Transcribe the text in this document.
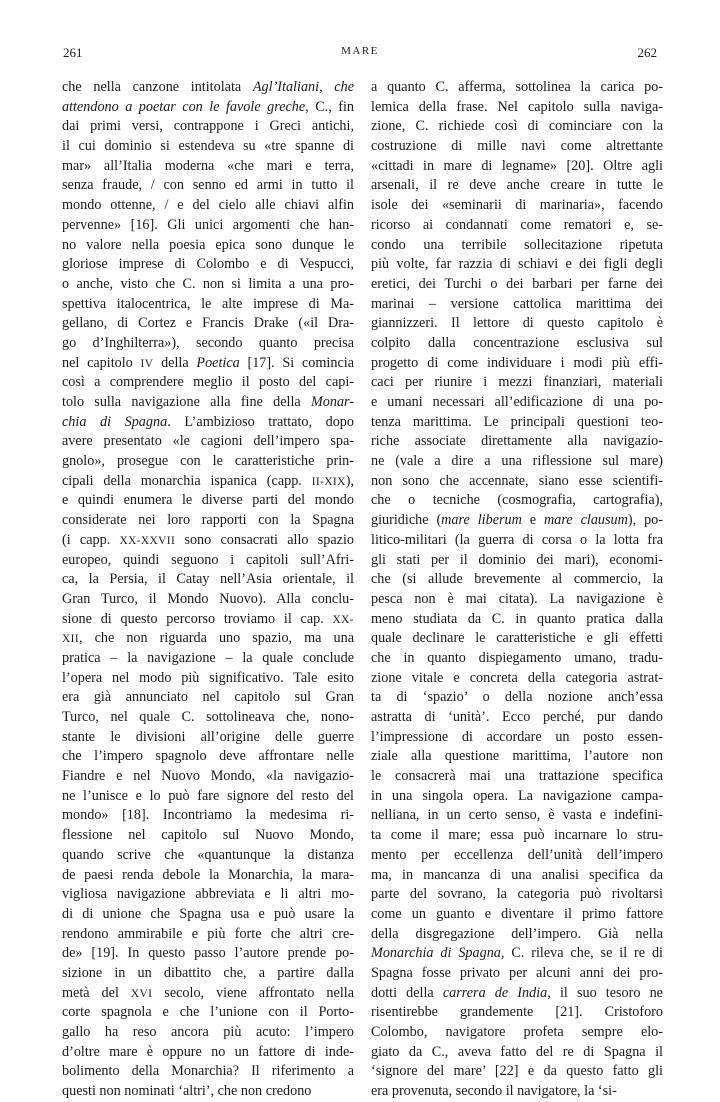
261	MARE	262
che nella canzone intitolata Agl’Italiani, che
attendono a poetar con le favole greche, C., fin
dai primi versi, contrappone i Greci antichi,
il cui dominio si estendeva su «tre spanne di
mar» all’Italia moderna «che mari e terra,
senza fraude, / con senno ed armi in tutto il
mondo ottenne, / e del cielo alle chiavi alfin
pervenne» [16]. Gli unici argomenti che han-
no valore nella poesia epica sono dunque le
gloriose imprese di Colombo e di Vespucci,
o anche, visto che C. non si limita a una pro-
spettiva italocentrica, le alte imprese di Ma-
gellano, di Cortez e Francis Drake («il Dra-
go d’Inghilterra»), secondo quanto precisa
nel capitolo IV della Poetica [17]. Si comincia
così a comprendere meglio il posto del capi-
tolo sulla navigazione alla fine della Monar-
chia di Spagna. L’ambizioso trattato, dopo
avere presentato «le cagioni dell’impero spa-
gnolo», prosegue con le caratteristiche prin-
cipali della monarchia ispanica (capp. II-XIX),
e quindi enumera le diverse parti del mondo
considerate nei loro rapporti con la Spagna
(i capp. XX-XXVII sono consacrati allo spazio
europeo, quindi seguono i capitoli sull’Afri-
ca, la Persia, il Catay nell’Asia orientale, il
Gran Turco, il Mondo Nuovo). Alla conclu-
sione di questo percorso troviamo il cap. XX-
XII, che non riguarda uno spazio, ma una
pratica – la navigazione – la quale conclude
l’opera nel modo più significativo. Tale esito
era già annunciato nel capitolo sul Gran
Turco, nel quale C. sottolineava che, nono-
stante le divisioni all’origine delle guerre
che l’impero spagnolo deve affrontare nelle
Fiandre e nel Nuovo Mondo, «la navigazio-
ne l’unisce e lo può fare signore del resto del
mondo» [18]. Incontriamo la medesima ri-
flessione nel capitolo sul Nuovo Mondo,
quando scrive che «quantunque la distanza
de paesi renda debole la Monarchia, la mara-
vigliosa navigazione abbreviata e li altri mo-
di di unione che Spagna usa e può usare la
rendono ammirabile e più forte che altri cre-
de» [19]. In questo passo l’autore prende po-
sizione in un dibattito che, a partire dalla
metà del XVI secolo, viene affrontato nella
corte spagnola e che l’unione con il Porto-
gallo ha reso ancora più acuto: l’impero
d’oltre mare è oppure no un fattore di inde-
bolimento della Monarchia? Il riferimento a
questi non nominati ‘altri’, che non credono
a quanto C. afferma, sottolinea la carica po-
lemica della frase. Nel capitolo sulla naviga-
zione, C. richiede così di cominciare con la
costruzione di mille navi come altrettante
«cittadi in mare di legname» [20]. Oltre agli
arsenali, il re deve anche creare in tutte le
isole dei «seminarii di marinaria», facendo
ricorso ai condannati come rematori e, se-
condo una terribile sollecitazione ripetuta
più volte, far razzia di schiavi e dei figli degli
eretici, dei Turchi o dei barbari per farne dei
marinai – versione cattolica marittima dei
giannizzeri. Il lettore di questo capitolo è
colpito dalla concentrazione esclusiva sul
progetto di come individuare i modi più effi-
caci per riunire i mezzi finanziari, materiali
e umani necessari all’edificazione di una po-
tenza marittima. Le principali questioni teo-
riche associate direttamente alla navigazio-
ne (vale a dire a una riflessione sul mare)
non sono che accennate, siano esse scientifi-
che o tecniche (cosmografia, cartografia),
giuridiche (mare liberum e mare clausum), po-
litico-militari (la guerra di corsa o la lotta fra
gli stati per il dominio dei mari), economi-
che (si allude brevemente al commercio, la
pesca non è mai citata). La navigazione è
meno studiata da C. in quanto pratica dalla
quale declinare le caratteristiche e gli effetti
che in quanto dispiegamento umano, tradu-
zione vitale e concreta della categoria astrat-
ta di ‘spazio’ o della nozione anch’essa
astratta di ‘unità’. Ecco perché, pur dando
l’impressione di accordare un posto essen-
ziale alla questione marittima, l’autore non
le consacrerà mai una trattazione specifica
in una singola opera. La navigazione campa-
nelliana, in un certo senso, è vasta e indefini-
ta come il mare; essa può incarnare lo stru-
mento per eccellenza dell’unità dell’impero
ma, in mancanza di una analisi specifica da
parte del sovrano, la categoria può rivoltarsi
come un guanto e diventare il primo fattore
della disgregazione dell’impero. Già nella
Monarchia di Spagna, C. rileva che, se il re di
Spagna fosse privato per alcuni anni dei pro-
dotti della carrera de India, il suo tesoro ne
risentirebbe grandemente [21]. Cristoforo
Colombo, navigatore profeta sempre elo-
giato da C., aveva fatto del re di Spagna il
‘signore del mare’ [22] e da questo fatto gli
era provenuta, secondo il navigatore, la ‘si-
